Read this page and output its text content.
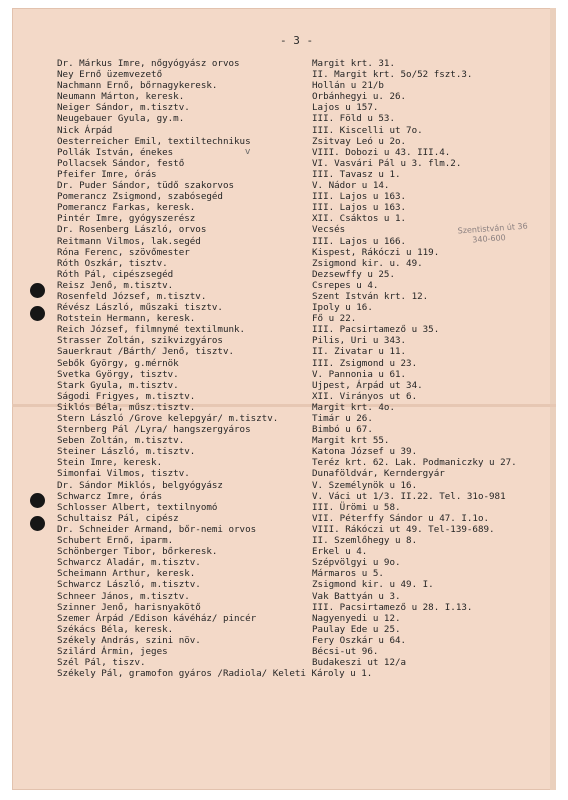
- 3 -
v
Szentistván út 36
340-600
Dr. Márkus Imre, nőgyógyász orvos	Margit krt. 31.
Ney Ernő üzemvezető	II. Margit krt. 5o/52 fszt.3.
Nachmann Ernő, bőrnagykeresk.	Hollán u 21/b
Neumann Márton, keresk.	Orbánhegyi u. 26.
Neiger Sándor, m.tisztv.	Lajos u 157.
Neugebauer Gyula, gy.m.	III. Föld u 53.
Nick Árpád	III. Kiscelli ut 7o.
Oesterreicher Emil, textiltechnikus	Zsitvay Leó u 2o.
Pollák István, énekes	VIII. Dobozi u 43. III.4.
Pollacsek Sándor, festő	VI. Vasvári Pál u 3. flm.2.
Pfeifer Imre, órás	III. Tavasz u 1.
Dr. Puder Sándor, tüdő szakorvos	V. Nádor u 14.
Pomerancz Zsigmond, szabósegéd	III. Lajos u 163.
Pomerancz Farkas, keresk.	III. Lajos u 163.
Pintér Imre, gyógyszerész	XII. Csáktos u 1.
Dr. Rosenberg László, orvos	Vecsés
Reitmann Vilmos, lak.segéd	III. Lajos u 166.
Róna Ferenc, szövőmester	Kispest, Rákóczi u 119.
Róth Oszkár, tisztv.	Zsigmond kir. u. 49.
Róth Pál, cipészsegéd	Dezsewffy u 25.
Reisz Jenő, m.tisztv.	Csrepes u 4.
Rosenfeld József, m.tisztv.	Szent István krt. 12.
Révész László, műszaki tisztv.	Ipoly u 16.
Rotstein Hermann, keresk.	Fő u 22.
Reich József, filmnymé textilmunk.	III. Pacsirtamező u 35.
Strasser Zoltán, szikvizgyáros	Pilis, Uri u 343.
Sauerkraut /Bárth/ Jenő, tisztv.	II. Zivatar u 11.
Sebők György, g.mérnök	III. Zsigmond u 23.
Svetka György, tisztv.	V. Pannonia u 61.
Stark Gyula, m.tisztv.	Ujpest, Árpád ut 34.
Ságodi Frigyes, m.tisztv.	XII. Virányos ut 6.
Siklós Béla, műsz.tisztv.	Margit krt. 4o.
Stern László /Grove kelepgyár/ m.tisztv.	Timár u 26.
Sternberg Pál /Lyra/ hangszergyáros	Bimbó u 67.
Seben Zoltán, m.tisztv.	Margit krt 55.
Steiner László, m.tisztv.	Katona József u 39.
Stein Imre, keresk.	Teréz krt. 62. Lak. Podmaniczky u 27.
Simonfai Vilmos, tisztv.	Dunaföldvár, Kerndergyár
Dr. Sándor Miklós, belgyógyász	V. Személynök u 16.
Schwarcz Imre, órás	V. Váci ut 1/3. II.22. Tel. 31o-981
Schlosser Albert, textilnyomó	III. Ürömi u 58.
Schultaisz Pál, cipész	VII. Péterffy Sándor u 47. I.1o.
Dr. Schneider Armand, bőr-nemi orvos	VIII. Rákóczi ut 49. Tel-139-689.
Schubert Ernő, iparm.	II. Szemlőhegy u 8.
Schönberger Tibor, bőrkeresk.	Erkel u 4.
Schwarcz Aladár, m.tisztv.	Szépvölgyi u 9o.
Scheimann Arthur, keresk.	Mármaros u 5.
Schwarcz László, m.tisztv.	Zsigmond kir. u 49. I.
Schneer János, m.tisztv.	Vak Battyán u 3.
Szinner Jenő, harisnyakötő	III. Pacsirtamező u 28. I.13.
Szemer Árpád /Edison kávéház/ pincér	Nagyenyedi u 12.
Székács Béla, keresk.	Paulay Ede u 25.
Székely András, szini növ.	Fery Oszkár u 64.
Szilárd Ármin, jeges	Bécsi-ut 96.
Szél Pál, tiszv.	Budakeszi ut 12/a
Székely Pál, gramofon gyáros /Radiola/ Keleti Károly u 1.
